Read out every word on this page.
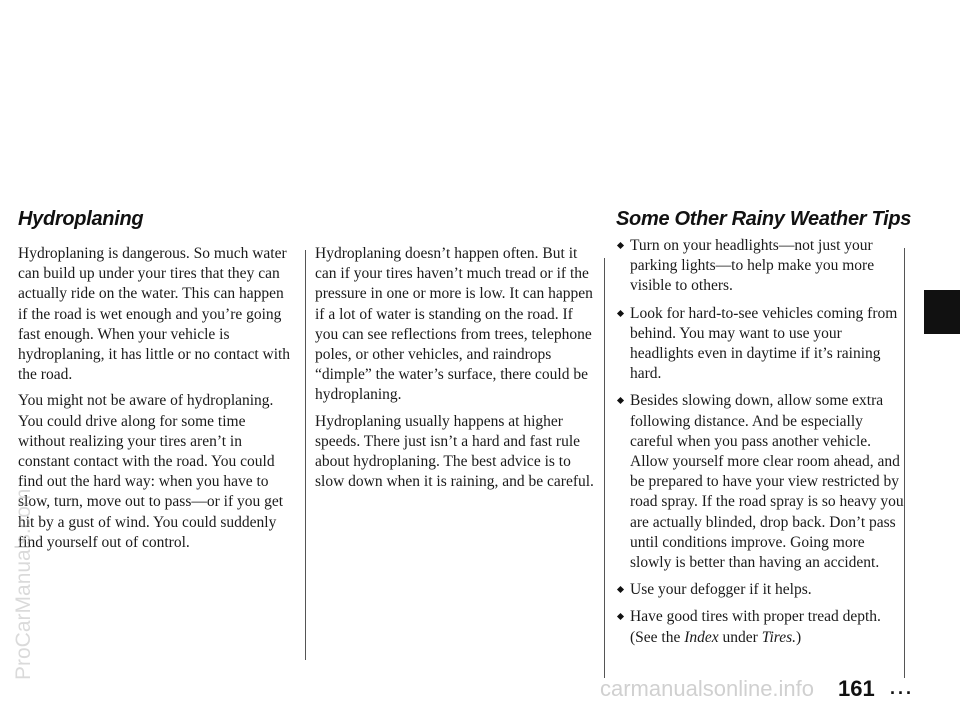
Hydroplaning

Hydroplaning is dangerous. So much water can build up under your tires that they can actually ride on the water. This can happen if the road is wet enough and you’re going fast enough. When your vehicle is hydroplaning, it has little or no contact with the road.

You might not be aware of hydroplaning. You could drive along for some time without realizing your tires aren’t in constant contact with the road. You could find out the hard way: when you have to slow, turn, move out to pass—or if you get hit by a gust of wind. You could suddenly find yourself out of control.

Hydroplaning doesn’t happen often. But it can if your tires haven’t much tread or if the pressure in one or more is low. It can happen if a lot of water is standing on the road. If you can see reflections from trees, telephone poles, or other vehicles, and raindrops “dimple” the water’s surface, there could be hydroplaning.

Hydroplaning usually happens at higher speeds. There just isn’t a hard and fast rule about hydroplaning. The best advice is to slow down when it is raining, and be careful.

Some Other Rainy Weather Tips
Turn on your headlights—not just your parking lights—to help make you more visible to others.
Look for hard-to-see vehicles coming from behind. You may want to use your headlights even in daytime if it’s raining hard.
Besides slowing down, allow some extra following distance. And be especially careful when you pass another vehicle. Allow yourself more clear room ahead, and be prepared to have your view restricted by road spray. If the road spray is so heavy you are actually blinded, drop back. Don’t pass until conditions improve. Going more slowly is better than having an accident.
Use your defogger if it helps.
Have good tires with proper tread depth. (See the Index under Tires.)
ProCarManuals.com
carmanualsonline.info 161 ...
